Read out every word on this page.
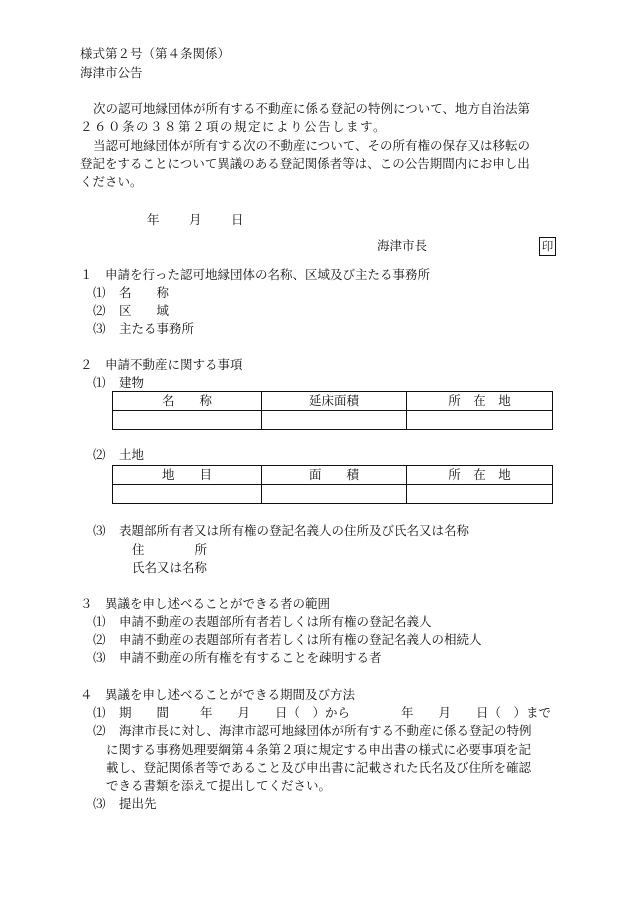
様式第２号（第４条関係）
海津市公告
次の認可地縁団体が所有する不動産に係る登記の特例について、地方自治法第
２６０条の３８第２項の規定により公告します。
当認可地縁団体が所有する次の不動産について、その所有権の保存又は移転の
登記をすることについて異議のある登記関係者等は、この公告期間内にお申し出
ください。
年 月 日
海津市長	印
１　申請を行った認可地縁団体の名称、区域及び主たる事務所
⑴ 名　　称
⑵ 区　　域
⑶ 主たる事務所
２　申請不動産に関する事項
⑴ 建物
名　　称	延床面積	所　在　地

⑵ 土地
地　　目	面　　積	所　在　地

⑶ 表題部所有者又は所有権の登記名義人の住所及び氏名又は名称
住　　　　所
氏名又は名称
３　異議を申し述べることができる者の範囲
⑴ 申請不動産の表題部所有者若しくは所有権の登記名義人
⑵ 申請不動産の表題部所有者若しくは所有権の登記名義人の相続人
⑶ 申請不動産の所有権を有することを疎明する者
４　異議を申し述べることができる期間及び方法
⑴ 期　　間 年　　月　　日（　）から	年　　月　　日（　）まで
⑵ 海津市長に対し、海津市認可地縁団体が所有する不動産に係る登記の特例
に関する事務処理要綱第４条第２項に規定する申出書の様式に必要事項を記
載し、登記関係者等であること及び申出書に記載された氏名及び住所を確認
できる書類を添えて提出してください。
⑶ 提出先
